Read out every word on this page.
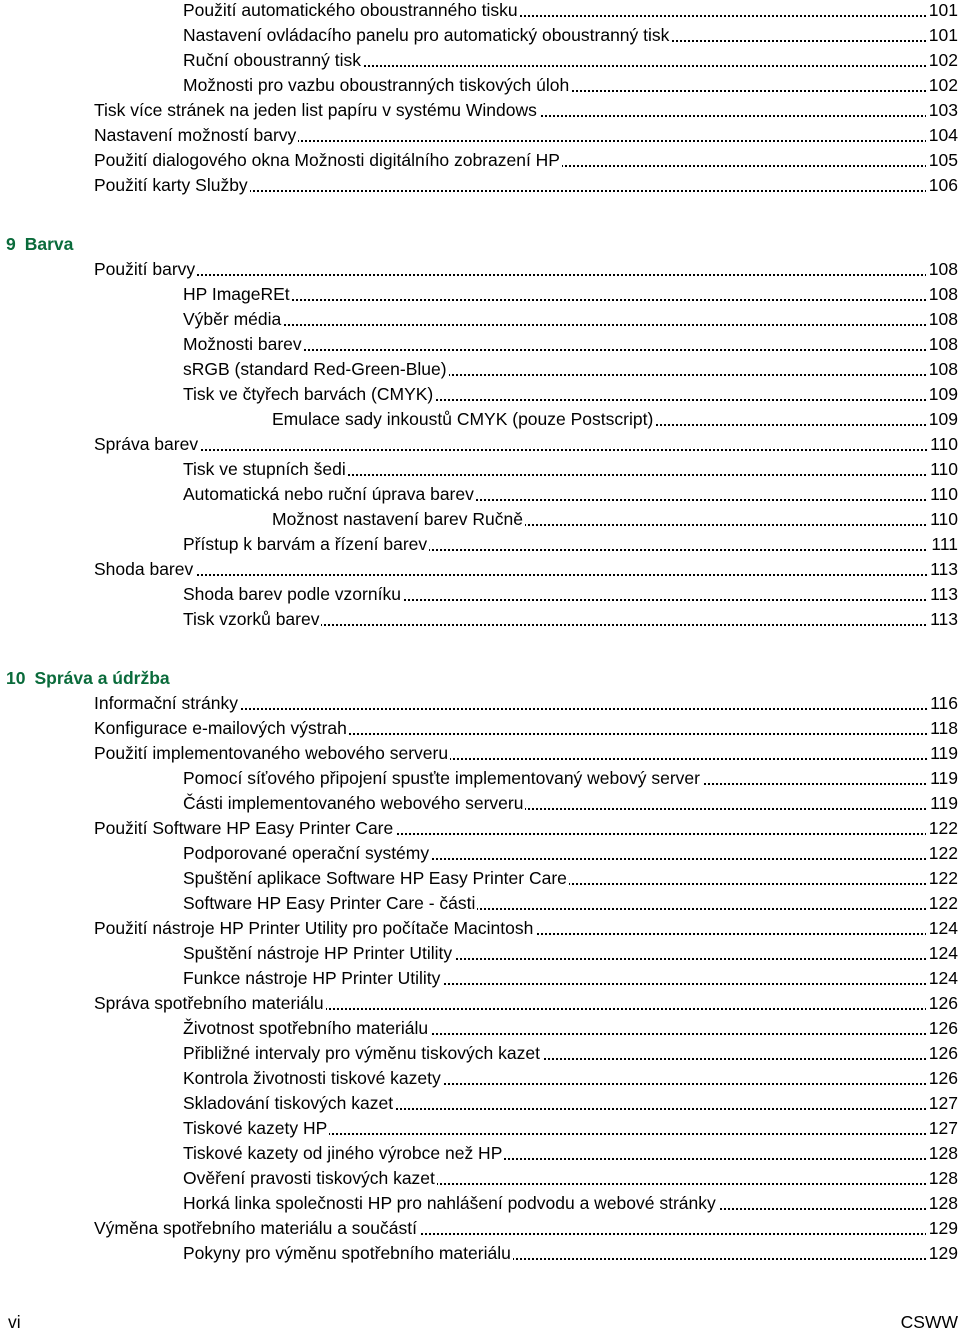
Použití automatického oboustranného tisku	101
Nastavení ovládacího panelu pro automatický oboustranný tisk	101
Ruční oboustranný tisk	102
Možnosti pro vazbu oboustranných tiskových úloh	102
Tisk více stránek na jeden list papíru v systému Windows	103
Nastavení možností barvy	104
Použití dialogového okna Možnosti digitálního zobrazení HP	105
Použití karty Služby	106
9 Barva
Použití barvy	108
HP ImageREt	108
Výběr média	108
Možnosti barev	108
sRGB (standard Red-Green-Blue)	108
Tisk ve čtyřech barvách (CMYK)	109
Emulace sady inkoustů CMYK (pouze Postscript)	109
Správa barev	110
Tisk ve stupních šedi	110
Automatická nebo ruční úprava barev	110
Možnost nastavení barev Ručně	110
Přístup k barvám a řízení barev	111
Shoda barev	113
Shoda barev podle vzorníku	113
Tisk vzorků barev	113
10 Správa a údržba
Informační stránky	116
Konfigurace e-mailových výstrah	118
Použití implementovaného webového serveru	119
Pomocí síťového připojení spusťte implementovaný webový server	119
Části implementovaného webového serveru	119
Použití Software HP Easy Printer Care	122
Podporované operační systémy	122
Spuštění aplikace Software HP Easy Printer Care	122
Software HP Easy Printer Care - části	122
Použití nástroje HP Printer Utility pro počítače Macintosh	124
Spuštění nástroje HP Printer Utility	124
Funkce nástroje HP Printer Utility	124
Správa spotřebního materiálu	126
Životnost spotřebního materiálu	126
Přibližné intervaly pro výměnu tiskových kazet	126
Kontrola životnosti tiskové kazety	126
Skladování tiskových kazet	127
Tiskové kazety HP	127
Tiskové kazety od jiného výrobce než HP	128
Ověření pravosti tiskových kazet	128
Horká linka společnosti HP pro nahlášení podvodu a webové stránky	128
Výměna spotřebního materiálu a součástí	129
Pokyny pro výměnu spotřebního materiálu	129
vi	CSWW
